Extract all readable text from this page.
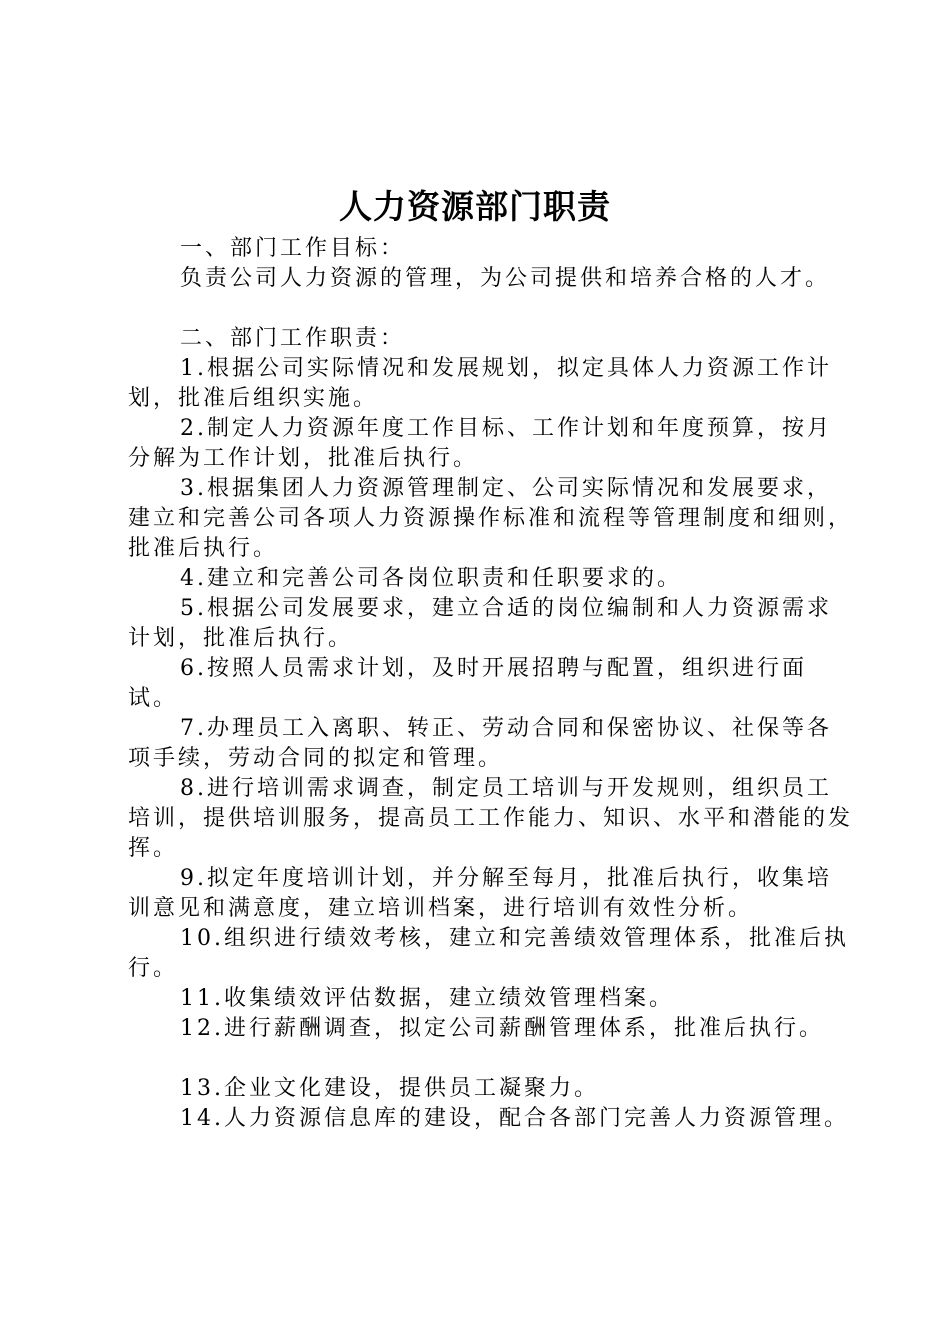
人力资源部门职责

一、部门工作目标：

负责公司人力资源的管理，为公司提供和培养合格的人才。

二、部门工作职责：

1.根据公司实际情况和发展规划，拟定具体人力资源工作计划，批准后组织实施。

2.制定人力资源年度工作目标、工作计划和年度预算，按月分解为工作计划，批准后执行。

3.根据集团人力资源管理制定、公司实际情况和发展要求，建立和完善公司各项人力资源操作标准和流程等管理制度和细则，批准后执行。

4.建立和完善公司各岗位职责和任职要求的。

5.根据公司发展要求，建立合适的岗位编制和人力资源需求计划，批准后执行。

6.按照人员需求计划，及时开展招聘与配置，组织进行面试。

7.办理员工入离职、转正、劳动合同和保密协议、社保等各项手续，劳动合同的拟定和管理。

8.进行培训需求调查，制定员工培训与开发规则，组织员工培训，提供培训服务，提高员工工作能力、知识、水平和潜能的发挥。

9.拟定年度培训计划，并分解至每月，批准后执行，收集培训意见和满意度，建立培训档案，进行培训有效性分析。

10.组织进行绩效考核，建立和完善绩效管理体系，批准后执行。

11.收集绩效评估数据，建立绩效管理档案。

12.进行薪酬调查，拟定公司薪酬管理体系，批准后执行。

13.企业文化建设，提供员工凝聚力。

14.人力资源信息库的建设，配合各部门完善人力资源管理。
